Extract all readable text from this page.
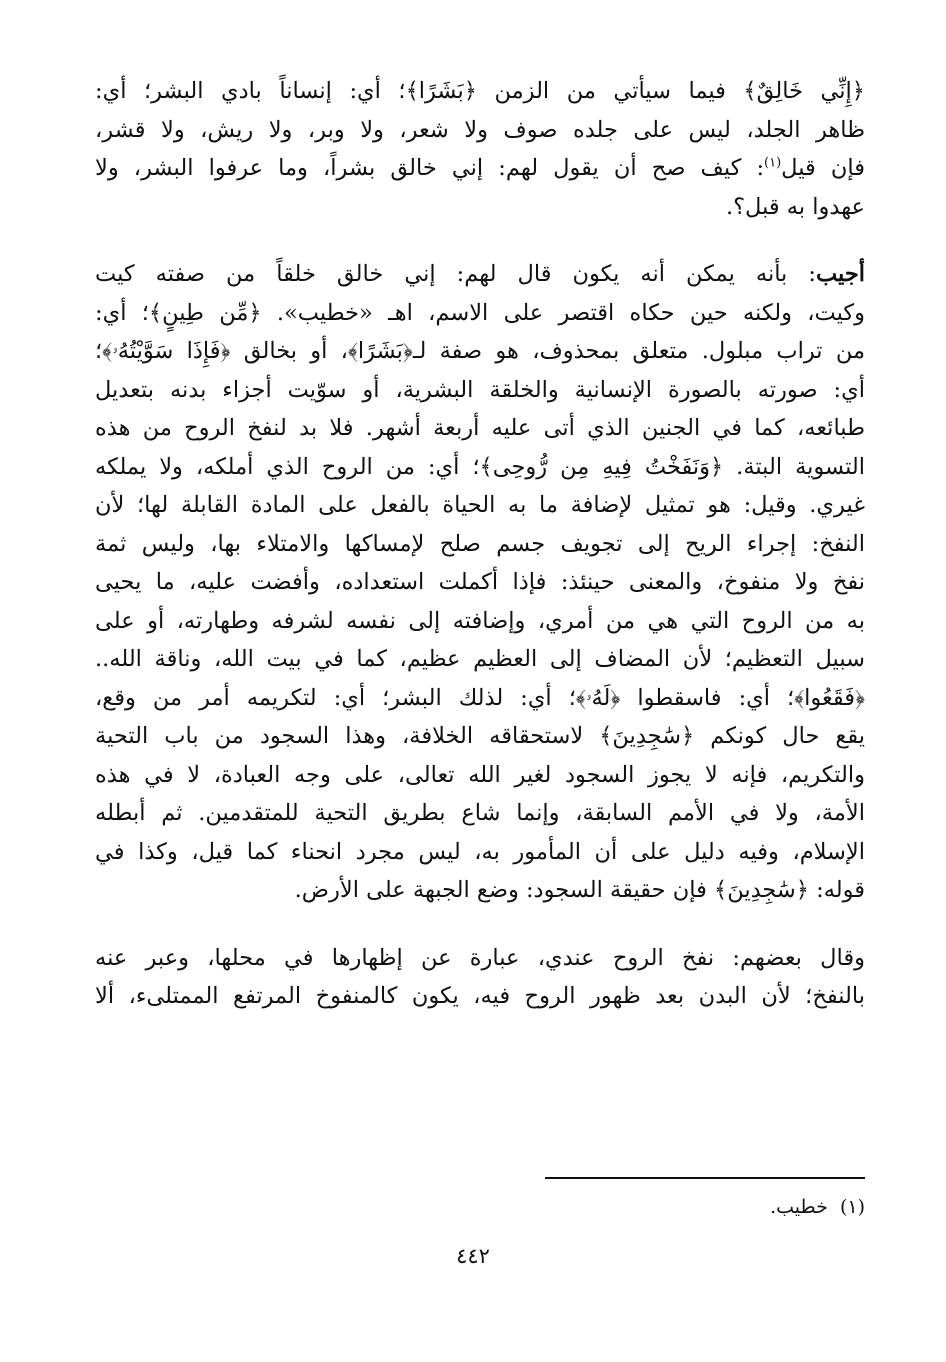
﴿إِنِّي خَالِقٌ﴾ فيما سيأتي من الزمن ﴿بَشَرًا﴾؛ أي: إنساناً بادي البشر؛ أي:
ظاهر الجلد، ليس على جلده صوف ولا شعر، ولا وبر، ولا ريش، ولا قشر،
فإن قيل$^{(١)}$: كيف صح أن يقول لهم: إني خالق بشراً، وما عرفوا البشر، ولا
عهدوا به قبل؟.

أجيب: بأنه يمكن أنه يكون قال لهم: إني خالق خلقاً من صفته كيت
وكيت، ولكنه حين حكاه اقتصر على الاسم، اهـ «خطيب». ﴿مِّن طِينٍ﴾؛ أي:
من تراب مبلول. متعلق بمحذوف، هو صفة لـ﴿بَشَرًا﴾، أو بخالق ﴿فَإِذَا سَوَّيْتُهُۥ﴾؛
أي: صورته بالصورة الإنسانية والخلقة البشرية، أو سوّيت أجزاء بدنه بتعديل
طبائعه، كما في الجنين الذي أتى عليه أربعة أشهر. فلا بد لنفخ الروح من هذه
التسوية البتة. ﴿وَنَفَخْتُ فِيهِ مِن رُّوحِى﴾؛ أي: من الروح الذي أملكه، ولا يملكه
غيري. وقيل: هو تمثيل لإضافة ما به الحياة بالفعل على المادة القابلة لها؛ لأن
النفخ: إجراء الريح إلى تجويف جسم صلح لإمساكها والامتلاء بها، وليس ثمة
نفخ ولا منفوخ، والمعنى حينئذ: فإذا أكملت استعداده، وأفضت عليه، ما يحيى
به من الروح التي هي من أمري، وإضافته إلى نفسه لشرفه وطهارته، أو على
سبيل التعظيم؛ لأن المضاف إلى العظيم عظيم، كما في بيت الله، وناقة الله..
﴿فَقَعُوا﴾؛ أي: فاسقطوا ﴿لَهُۥ﴾؛ أي: لذلك البشر؛ أي: لتكريمه أمر من وقع،
يقع حال كونكم ﴿سَٰجِدِينَ﴾ لاستحقاقه الخلافة، وهذا السجود من باب التحية
والتكريم، فإنه لا يجوز السجود لغير الله تعالى، على وجه العبادة، لا في هذه
الأمة، ولا في الأمم السابقة، وإنما شاع بطريق التحية للمتقدمين. ثم أبطله
الإسلام، وفيه دليل على أن المأمور به، ليس مجرد انحناء كما قيل، وكذا في
قوله: ﴿سَٰجِدِينَ﴾ فإن حقيقة السجود: وضع الجبهة على الأرض.

وقال بعضهم: نفخ الروح عندي، عبارة عن إظهارها في محلها، وعبر عنه
بالنفخ؛ لأن البدن بعد ظهور الروح فيه، يكون كالمنفوخ المرتفع الممتلىء، ألا

(١)  خطيب.
٤٤٢
